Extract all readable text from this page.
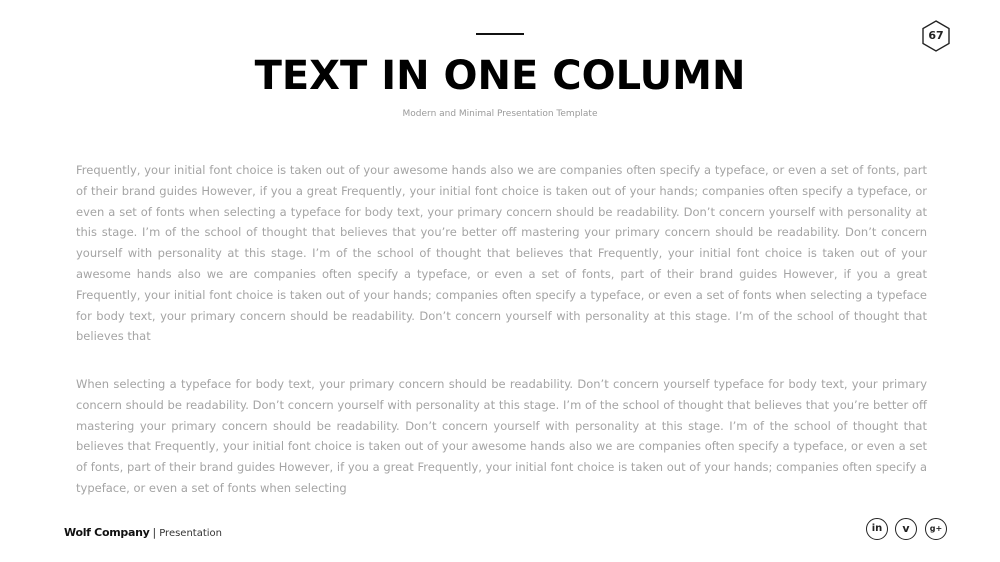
67
TEXT IN ONE COLUMN
Modern and Minimal Presentation Template

Frequently, your initial font choice is taken out of your awesome hands also we are companies often specify a typeface, or even a set of fonts, part of their brand guides However, if you a great Frequently, your initial font choice is taken out of your hands; companies often specify a typeface, or even a set of fonts when selecting a typeface for body text, your primary concern should be readability. Don’t concern yourself with personality at this stage. I’m of the school of thought that believes that you’re better off mastering your primary concern should be readability. Don’t concern yourself with personality at this stage. I’m of the school of thought that believes that Frequently, your initial font choice is taken out of your awesome hands also we are companies often specify a typeface, or even a set of fonts, part of their brand guides However, if you a great Frequently, your initial font choice is taken out of your hands; companies often specify a typeface, or even a set of fonts when selecting a typeface for body text, your primary concern should be readability. Don’t concern yourself with personality at this stage. I’m of the school of thought that believes that

When selecting a typeface for body text, your primary concern should be readability. Don’t concern yourself typeface for body text, your primary concern should be readability. Don’t concern yourself with personality at this stage. I’m of the school of thought that believes that you’re better off mastering your primary concern should be readability. Don’t concern yourself with personality at this stage. I’m of the school of thought that believes that Frequently, your initial font choice is taken out of your awesome hands also we are companies often specify a typeface, or even a set of fonts, part of their brand guides However, if you a great Frequently, your initial font choice is taken out of your hands; companies often specify a typeface, or even a set of fonts when selecting

Wolf Company | Presentation	in	v	g+
